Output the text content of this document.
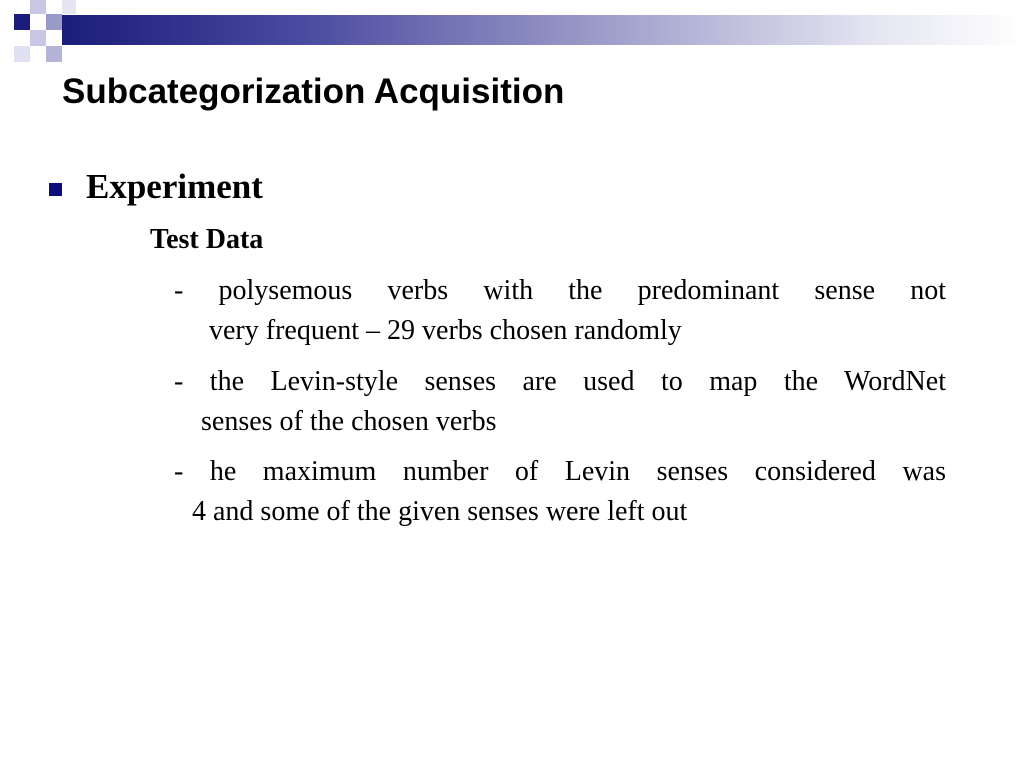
Subcategorization Acquisition
Experiment
Test Data
- polysemous verbs with the predominant sense not
very frequent – 29 verbs chosen randomly
- the Levin-style senses are used to map the WordNet
senses of the chosen verbs
- he maximum number of Levin senses considered was
4 and some of the given senses were left out
